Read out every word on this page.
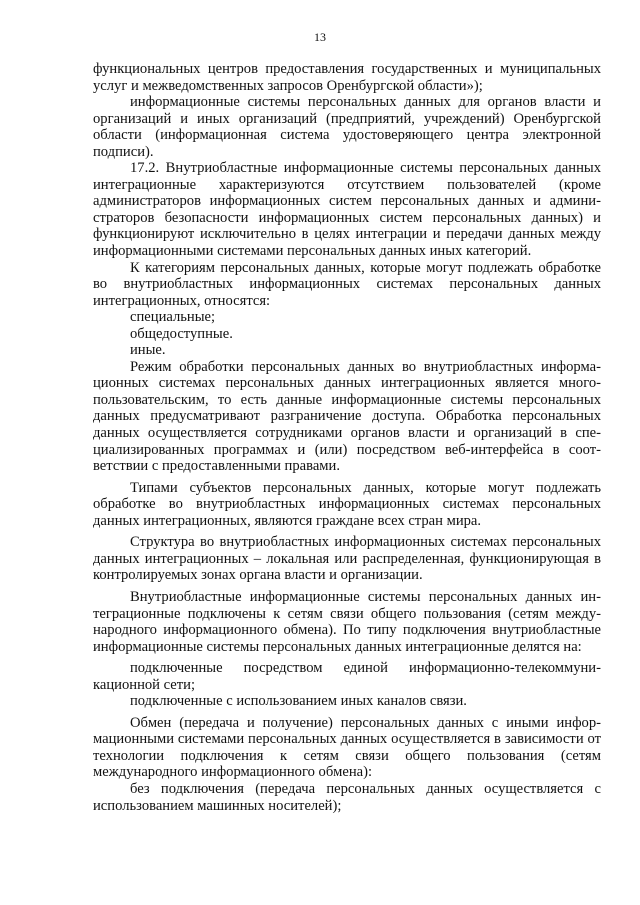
13

функциональных центров предоставления государственных и муниципальных услуг и межведомственных запросов Оренбургской области»);

информационные системы персональных данных для органов власти и организаций и иных организаций (предприятий, учреждений) Оренбургской области (информационная система удостоверяющего центра электронной подписи).

17.2. Внутриобластные информационные системы персональных данных интеграционные характеризуются отсутствием пользователей (кроме администраторов информационных систем персональных данных и администраторов безопасности информационных систем персональных данных) и функционируют исключительно в целях интеграции и передачи данных между информационными системами персональных данных иных категорий.

К категориям персональных данных, которые могут подлежать обработке во внутриобластных информационных системах персональных данных интеграционных, относятся:

специальные;

общедоступные.

иные.

Режим обработки персональных данных во внутриобластных информационных системах персональных данных интеграционных является многопользовательским, то есть данные информационные системы персональных данных предусматривают разграничение доступа. Обработка персональных данных осуществляется сотрудниками органов власти и организаций в специализированных программах и (или) посредством веб-интерфейса в соответствии с предоставленными правами.

Типами субъектов персональных данных, которые могут подлежать обработке во внутриобластных информационных системах персональных данных интеграционных, являются граждане всех стран мира.

Структура во внутриобластных информационных системах персональных данных интеграционных – локальная или распределенная, функционирующая в контролируемых зонах органа власти и организации.

Внутриобластные информационные системы персональных данных интеграционные подключены к сетям связи общего пользования (сетям международного информационного обмена). По типу подключения внутриоблаcтные информационные системы персональных данных интеграционные делятся на:

подключенные посредством единой информационно-телекоммуникационной сети;

подключенные с использованием иных каналов связи.

Обмен (передача и получение) персональных данных с иными информационными системами персональных данных осуществляется в зависимости от технологии подключения к сетям связи общего пользования (сетям международного информационного обмена):

без подключения (передача персональных данных осуществляется с использованием машинных носителей);
